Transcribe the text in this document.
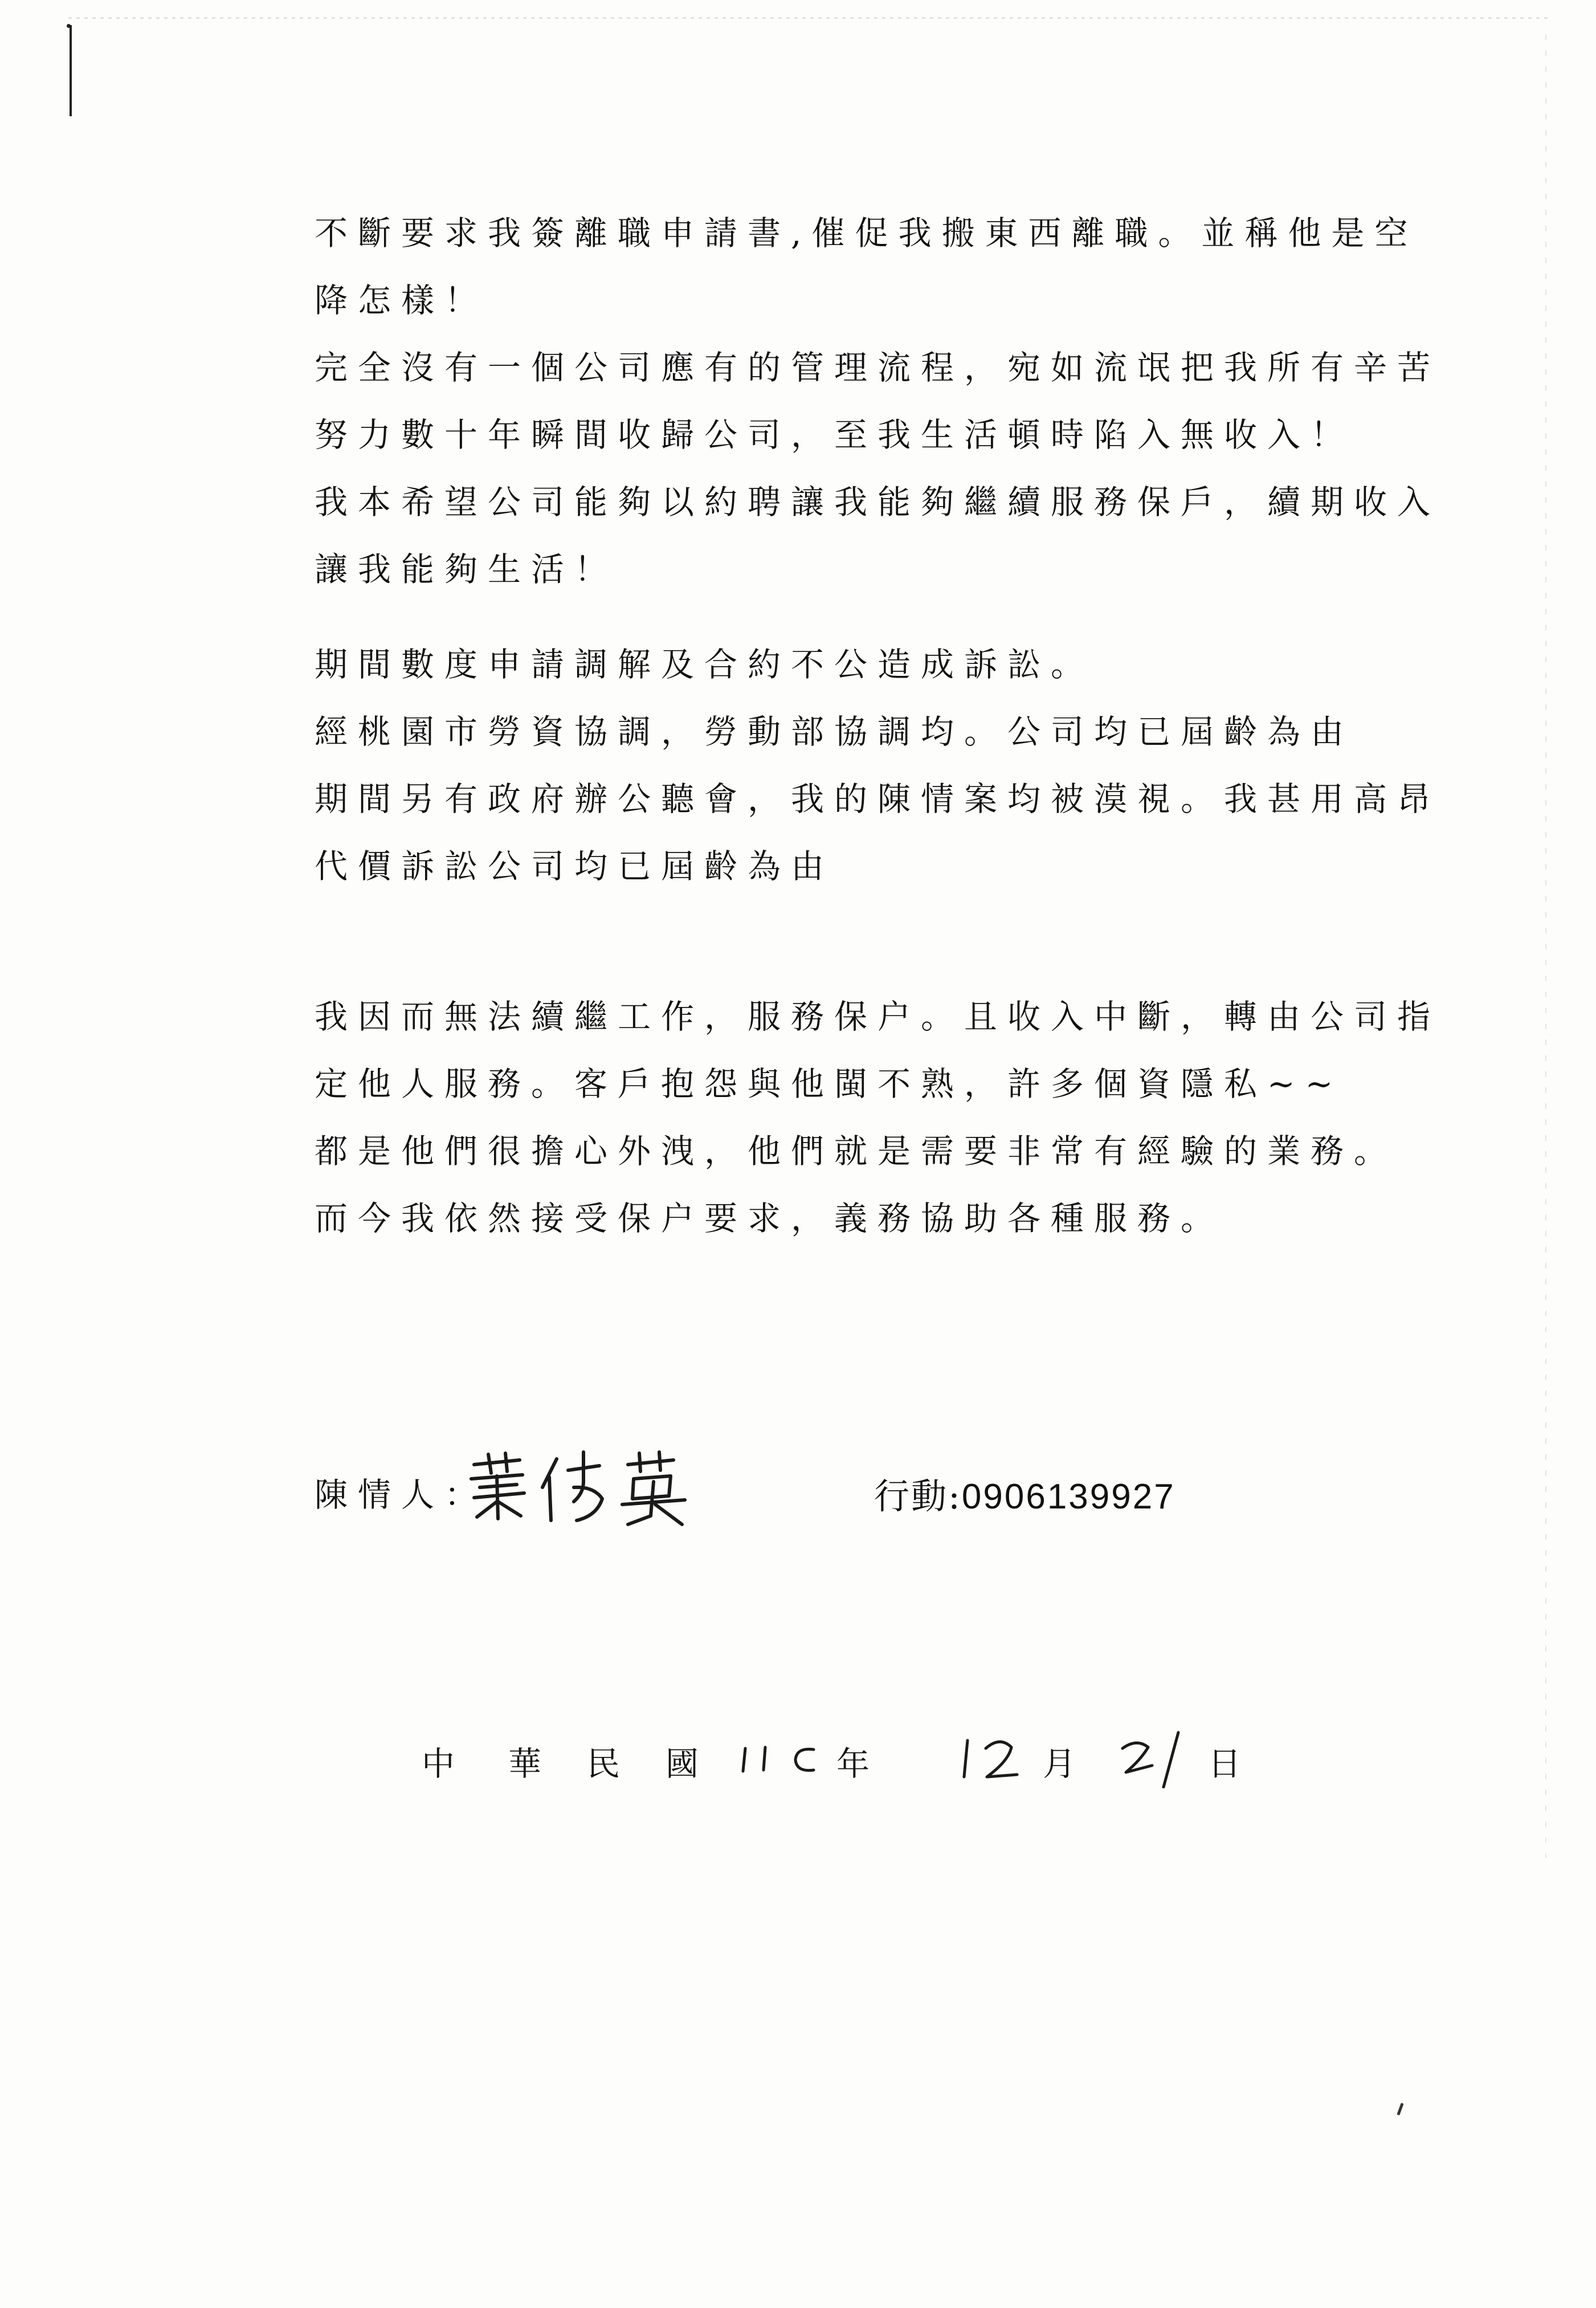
不斷要求我簽離職申請書,催促我搬東西離職。並稱他是空
降怎樣！
完全沒有一個公司應有的管理流程，宛如流氓把我所有辛苦
努力數十年瞬間收歸公司，至我生活頓時陷入無收入！
我本希望公司能夠以約聘讓我能夠繼續服務保戶，續期收入
讓我能夠生活！
期間數度申請調解及合約不公造成訴訟。
經桃園市勞資協調，勞動部協調均。公司均已屆齡為由
期間另有政府辦公聽會，我的陳情案均被漠視。我甚用高昂
代價訴訟公司均已屆齡為由
我因而無法續繼工作，服務保户。且收入中斷，轉由公司指
定他人服務。客戶抱怨與他閩不熟，許多個資隱私~~
都是他們很擔心外洩，他們就是需要非常有經驗的業務。
而今我依然接受保户要求，義務協助各種服務。
陳情人：	行動:0906139927
中 華 民 國	年	月	日
